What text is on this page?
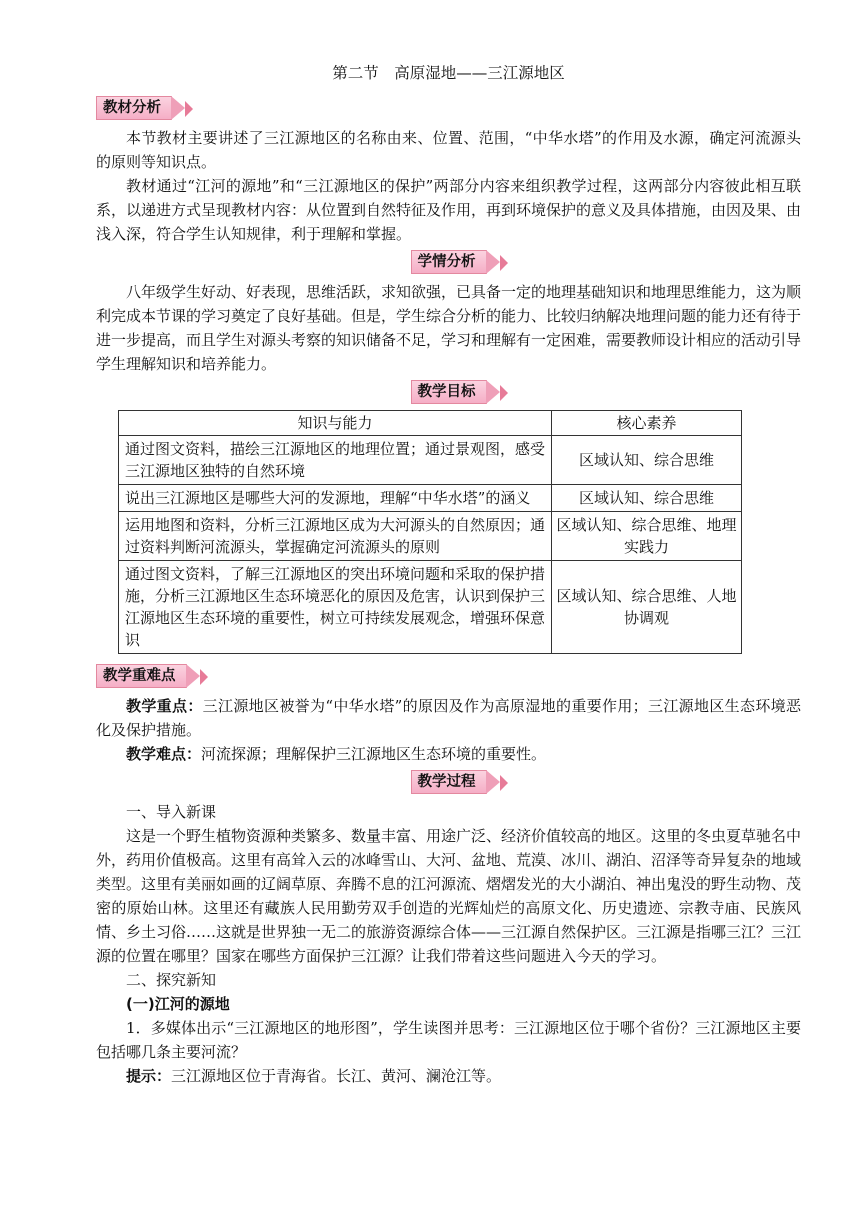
第二节　高原湿地——三江源地区
教材分析

本节教材主要讲述了三江源地区的名称由来、位置、范围，“中华水塔”的作用及水源，确定河流源头的原则等知识点。

教材通过“江河的源地”和“三江源地区的保护”两部分内容来组织教学过程，这两部分内容彼此相互联系，以递进方式呈现教材内容：从位置到自然特征及作用，再到环境保护的意义及具体措施，由因及果、由浅入深，符合学生认知规律，利于理解和掌握。

学情分析

八年级学生好动、好表现，思维活跃，求知欲强，已具备一定的地理基础知识和地理思维能力，这为顺利完成本节课的学习奠定了良好基础。但是，学生综合分析的能力、比较归纳解决地理问题的能力还有待于进一步提高，而且学生对源头考察的知识储备不足，学习和理解有一定困难，需要教师设计相应的活动引导学生理解知识和培养能力。

教学目标
知识与能力	核心素养
通过图文资料，描绘三江源地区的地理位置；通过景观图，感受三江源地区独特的自然环境	区域认知、综合思维
说出三江源地区是哪些大河的发源地，理解“中华水塔”的涵义	区域认知、综合思维
运用地图和资料，分析三江源地区成为大河源头的自然原因；通过资料判断河流源头，掌握确定河流源头的原则	区域认知、综合思维、地理实践力
通过图文资料，了解三江源地区的突出环境问题和采取的保护措施，分析三江源地区生态环境恶化的原因及危害，认识到保护三江源地区生态环境的重要性，树立可持续发展观念，增强环保意识	区域认知、综合思维、人地协调观
教学重难点

教学重点：三江源地区被誉为“中华水塔”的原因及作为高原湿地的重要作用；三江源地区生态环境恶化及保护措施。

教学难点：河流探源；理解保护三江源地区生态环境的重要性。

教学过程

一、导入新课

这是一个野生植物资源种类繁多、数量丰富、用途广泛、经济价值较高的地区。这里的冬虫夏草驰名中外，药用价值极高。这里有高耸入云的冰峰雪山、大河、盆地、荒漠、冰川、湖泊、沼泽等奇异复杂的地域类型。这里有美丽如画的辽阔草原、奔腾不息的江河源流、熠熠发光的大小湖泊、神出鬼没的野生动物、茂密的原始山林。这里还有藏族人民用勤劳双手创造的光辉灿烂的高原文化、历史遗迹、宗教寺庙、民族风情、乡土习俗……这就是世界独一无二的旅游资源综合体——三江源自然保护区。三江源是指哪三江？三江源的位置在哪里？国家在哪些方面保护三江源？让我们带着这些问题进入今天的学习。

二、探究新知

(一)江河的源地

1．多媒体出示“三江源地区的地形图”，学生读图并思考：三江源地区位于哪个省份？三江源地区主要包括哪几条主要河流？

提示：三江源地区位于青海省。长江、黄河、澜沧江等。
